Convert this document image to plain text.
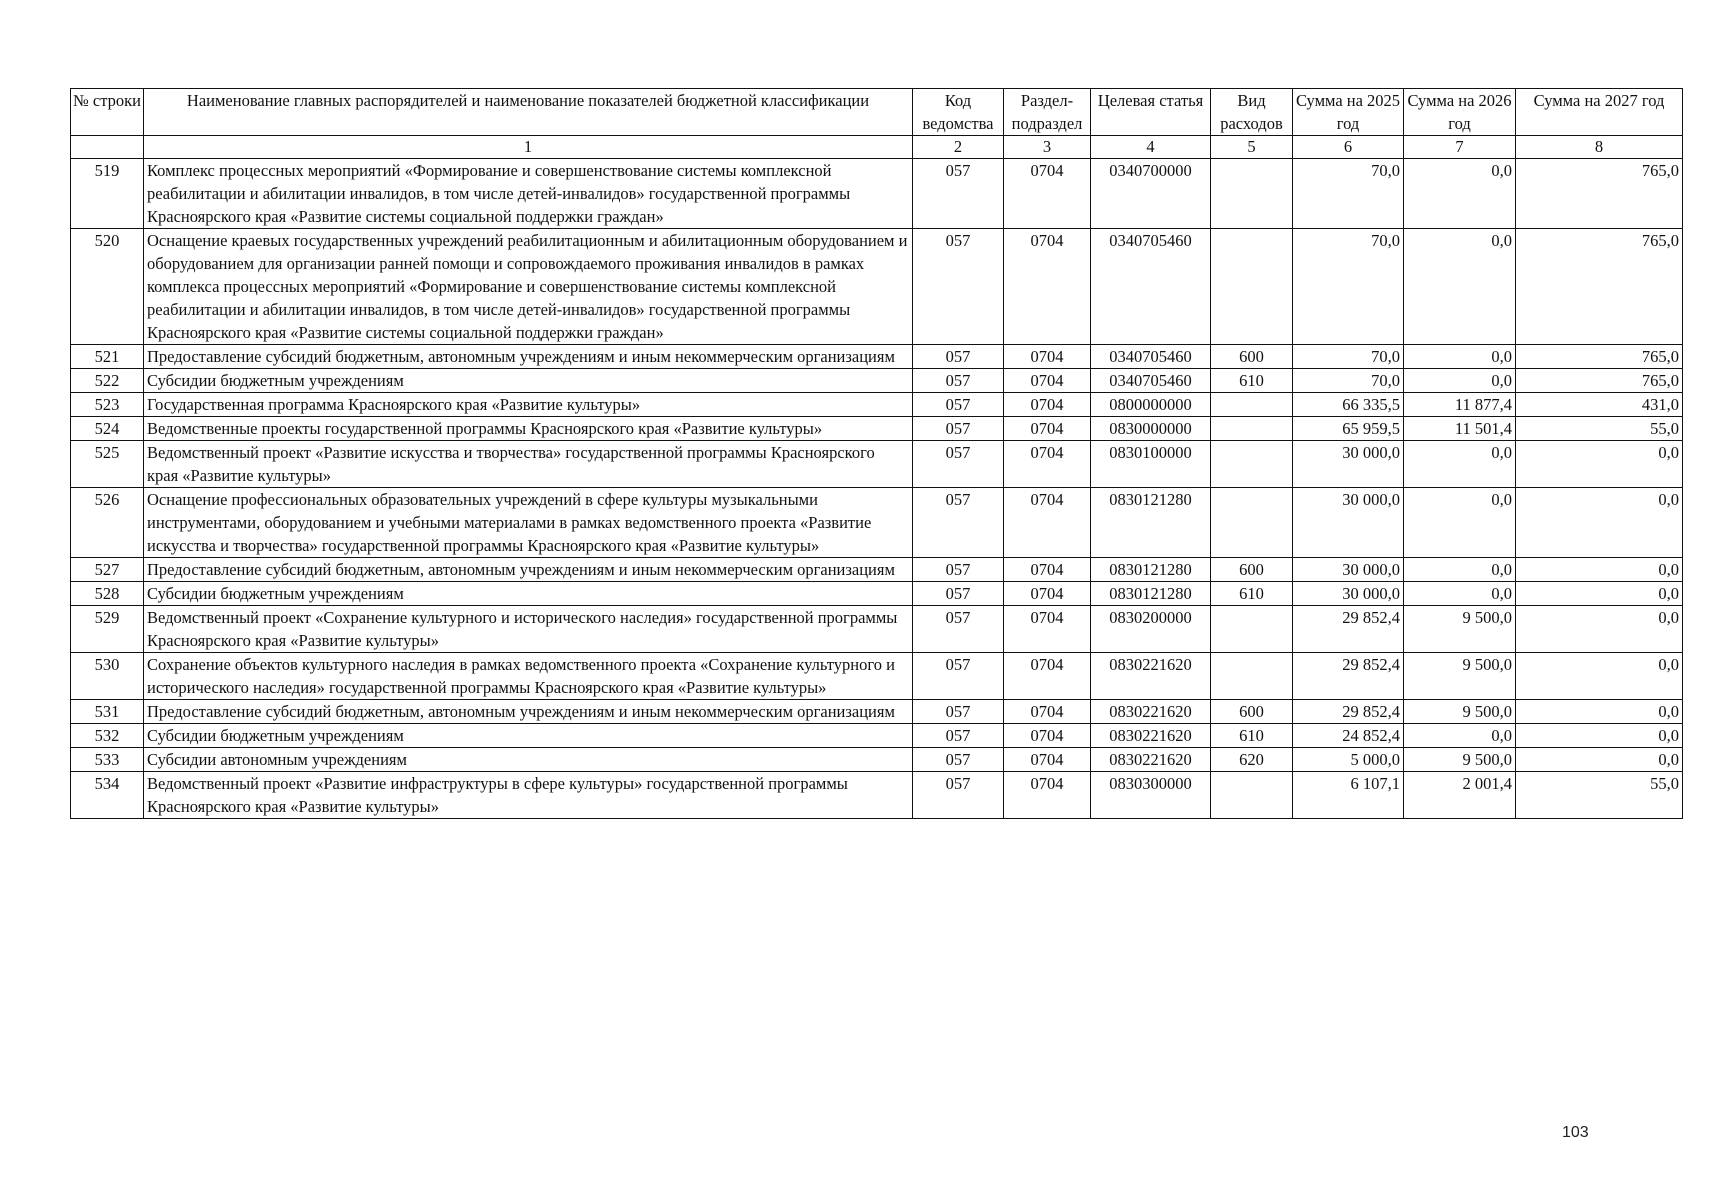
№ строки	Наименование главных распорядителей и наименование показателей бюджетной классификации	Код ведомства	Раздел-подраздел	Целевая статья	Вид расходов	Сумма на 2025 год	Сумма на 2026 год	Сумма на 2027 год
	1	2	3	4	5	6	7	8
519	Комплекс процессных мероприятий «Формирование и совершенствование системы комплексной реабилитации и абилитации инвалидов, в том числе детей-инвалидов» государственной программы Красноярского края «Развитие системы социальной поддержки граждан»	057	0704	0340700000		70,0	0,0	765,0
520	Оснащение краевых государственных учреждений реабилитационным и абилитационным оборудованием и оборудованием для организации ранней помощи и сопровождаемого проживания инвалидов в рамках комплекса процессных мероприятий «Формирование и совершенствование системы комплексной реабилитации и абилитации инвалидов, в том числе детей-инвалидов» государственной программы Красноярского края «Развитие системы социальной поддержки граждан»	057	0704	0340705460		70,0	0,0	765,0
521	Предоставление субсидий бюджетным, автономным учреждениям и иным некоммерческим организациям	057	0704	0340705460	600	70,0	0,0	765,0
522	Субсидии бюджетным учреждениям	057	0704	0340705460	610	70,0	0,0	765,0
523	Государственная программа Красноярского края «Развитие культуры»	057	0704	0800000000		66 335,5	11 877,4	431,0
524	Ведомственные проекты государственной программы Красноярского края «Развитие культуры»	057	0704	0830000000		65 959,5	11 501,4	55,0
525	Ведомственный проект «Развитие искусства и творчества» государственной программы Красноярского края «Развитие культуры»	057	0704	0830100000		30 000,0	0,0	0,0
526	Оснащение профессиональных образовательных учреждений в сфере культуры музыкальными инструментами, оборудованием и учебными материалами в рамках ведомственного проекта «Развитие искусства и творчества» государственной программы Красноярского края «Развитие культуры»	057	0704	0830121280		30 000,0	0,0	0,0
527	Предоставление субсидий бюджетным, автономным учреждениям и иным некоммерческим организациям	057	0704	0830121280	600	30 000,0	0,0	0,0
528	Субсидии бюджетным учреждениям	057	0704	0830121280	610	30 000,0	0,0	0,0
529	Ведомственный проект «Сохранение культурного и исторического наследия» государственной программы Красноярского края «Развитие культуры»	057	0704	0830200000		29 852,4	9 500,0	0,0
530	Сохранение объектов культурного наследия в рамках ведомственного проекта «Сохранение культурного и исторического наследия» государственной программы Красноярского края «Развитие культуры»	057	0704	0830221620		29 852,4	9 500,0	0,0
531	Предоставление субсидий бюджетным, автономным учреждениям и иным некоммерческим организациям	057	0704	0830221620	600	29 852,4	9 500,0	0,0
532	Субсидии бюджетным учреждениям	057	0704	0830221620	610	24 852,4	0,0	0,0
533	Субсидии автономным учреждениям	057	0704	0830221620	620	5 000,0	9 500,0	0,0
534	Ведомственный проект «Развитие инфраструктуры в сфере культуры» государственной программы Красноярского края «Развитие культуры»	057	0704	0830300000		6 107,1	2 001,4	55,0
103
